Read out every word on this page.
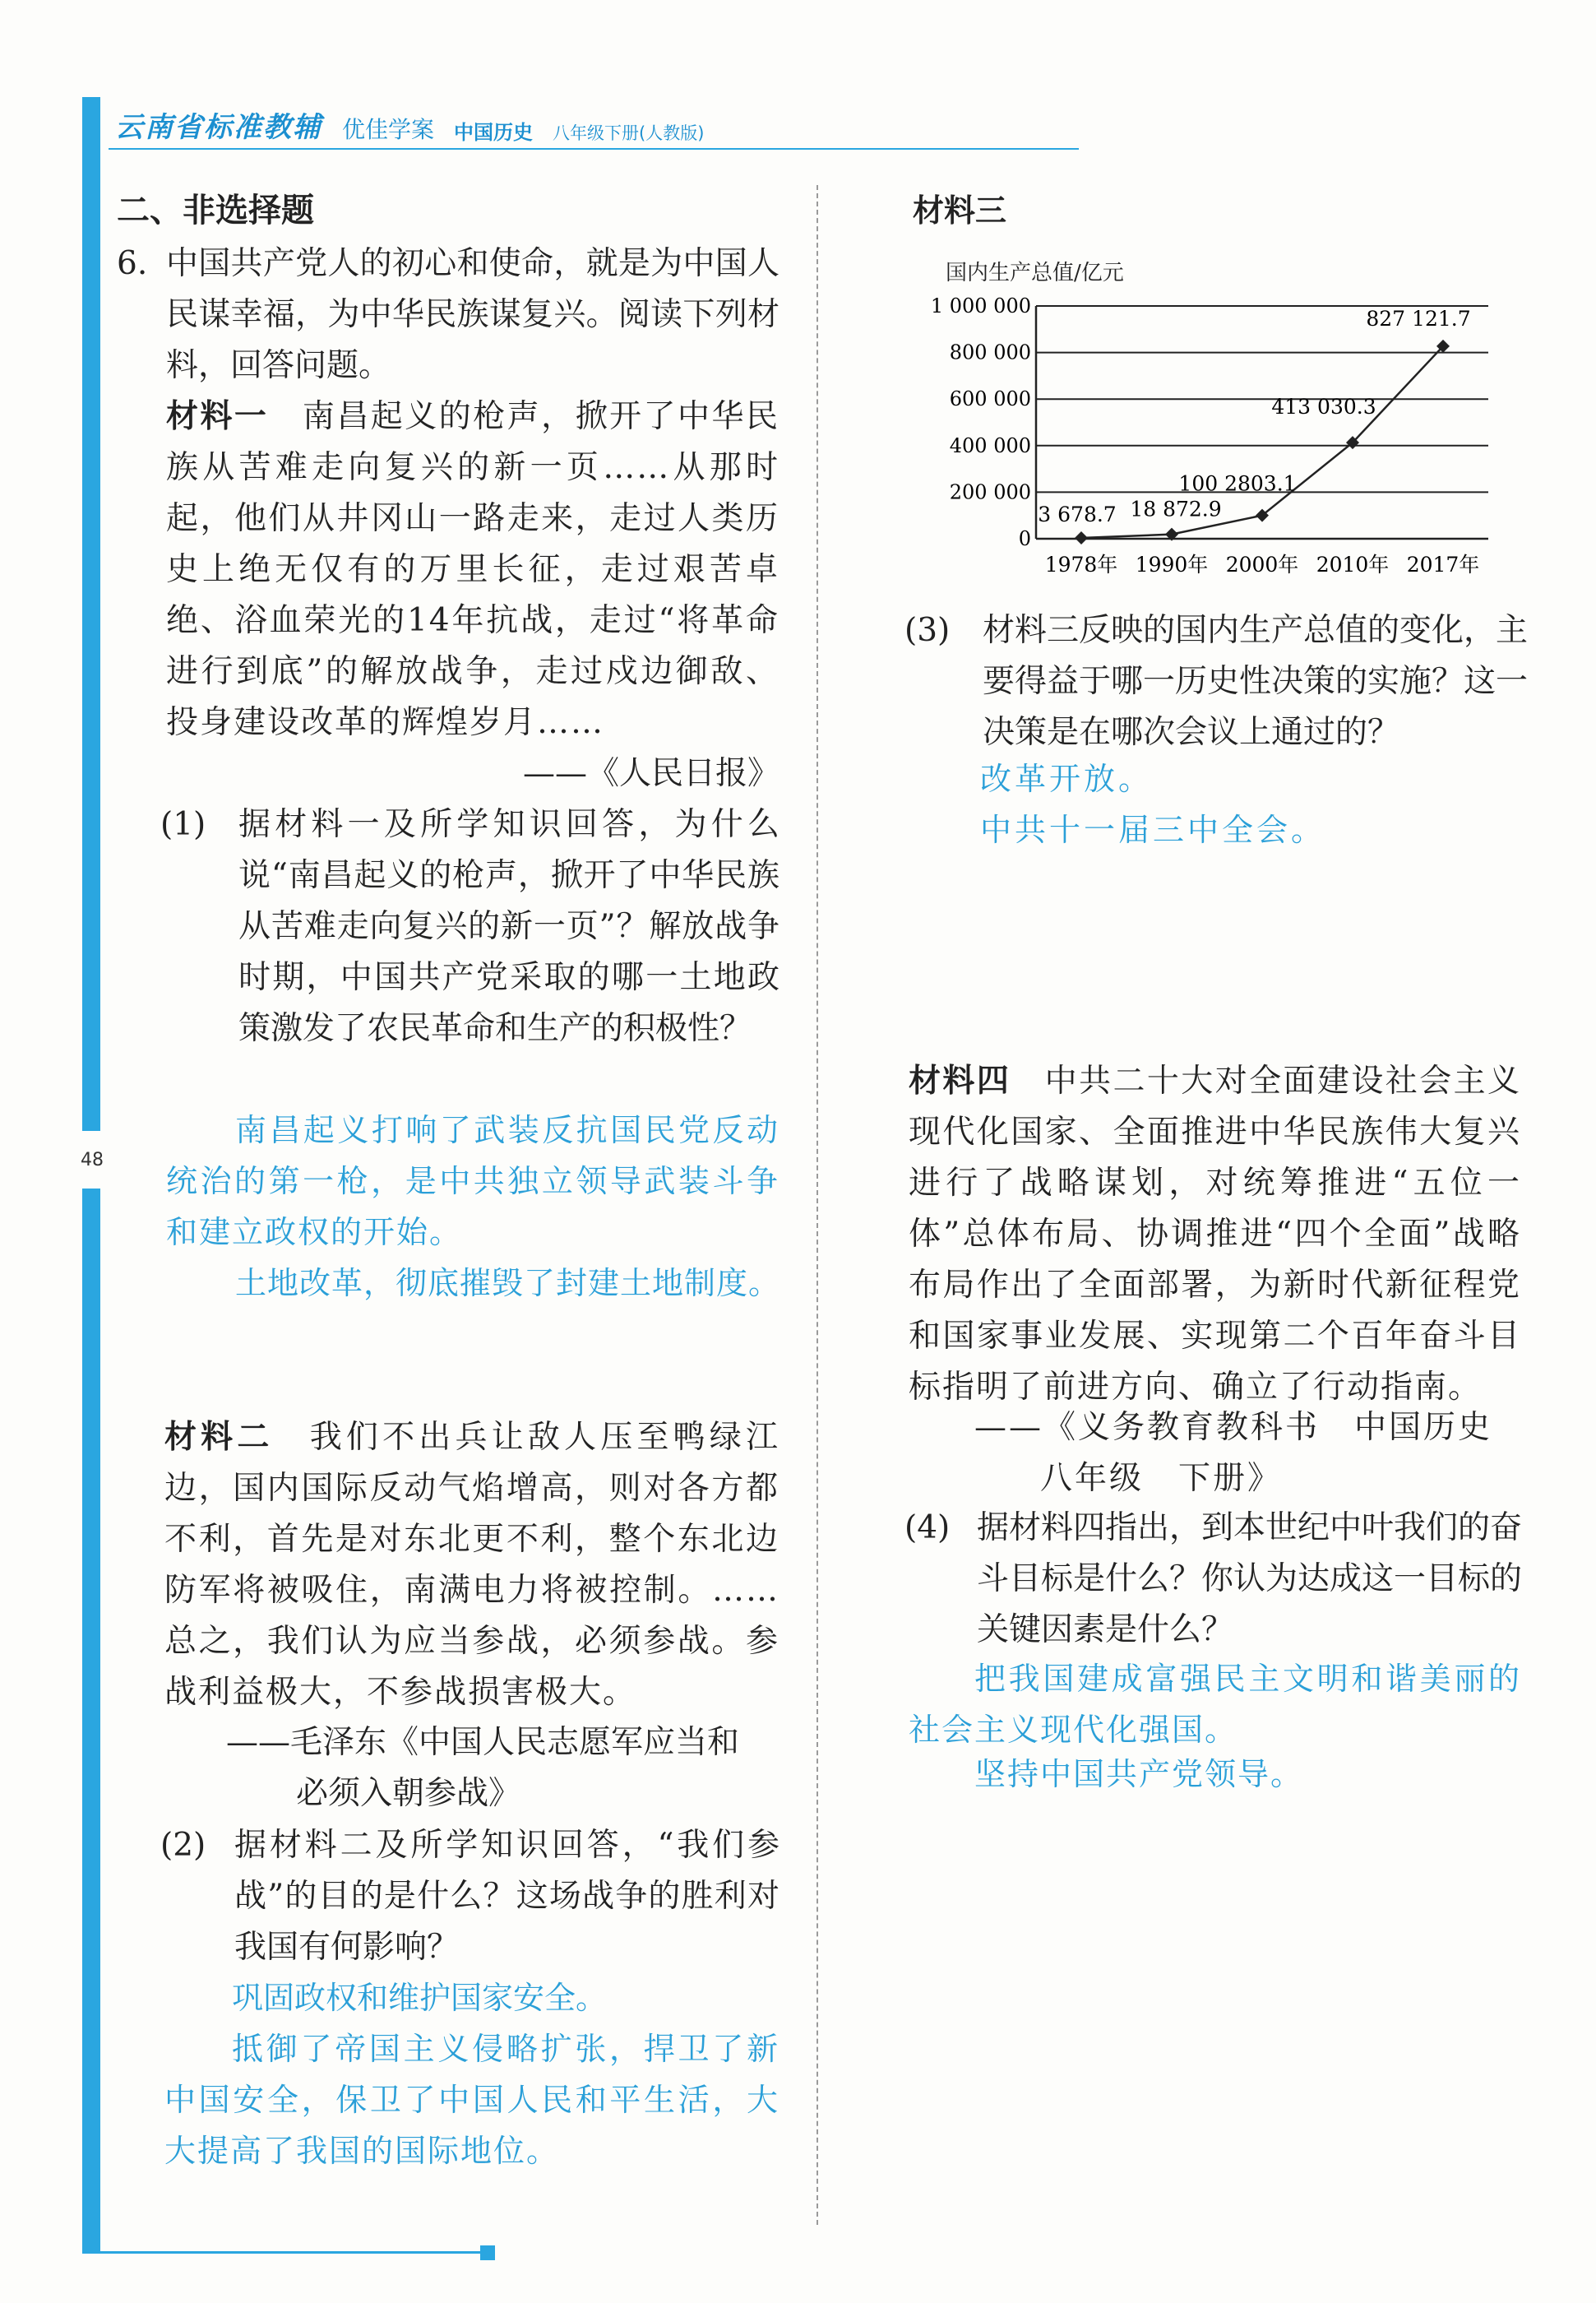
48
云南省标准教辅 优佳学案 中国历史 八年级下册(人教版)
二、非选择题
6. 中国共产党人的初心和使命，就是为中国人民谋幸福，为中华民族谋复兴。阅读下列材料，回答问题。
材料一　 南昌起义的枪声，掀开了中华民族从苦难走向复兴的新一页……从那时起，他们从井冈山一路走来，走过人类历史上绝无仅有的万里长征，走过艰苦卓绝、浴血荣光的14年抗战，走过“将革命进行到底”的解放战争，走过戍边御敌、投身建设改革的辉煌岁月……
——《人民日报》
(1)	据材料一及所学知识回答，为什么说“南昌起义的枪声，掀开了中华民族从苦难走向复兴的新一页”？解放战争时期，中国共产党采取的哪一土地政策激发了农民革命和生产的积极性？
南昌起义打响了武装反抗国民党反动统治的第一枪，是中共独立领导武装斗争和建立政权的开始。
土地改革，彻底摧毁了封建土地制度。
材料二　 我们不出兵让敌人压至鸭绿江边，国内国际反动气焰增高，则对各方都不利，首先是对东北更不利，整个东北边防军将被吸住，南满电力将被控制。……总之，我们认为应当参战，必须参战。参战利益极大，不参战损害极大。
——毛泽东《中国人民志愿军应当和
必须入朝参战》
(2) 据材料二及所学知识回答，“我们参战”的目的是什么？这场战争的胜利对我国有何影响？
巩固政权和维护国家安全。
抵御了帝国主义侵略扩张，捍卫了新中国安全，保卫了中国人民和平生活，大大提高了我国的国际地位。
材料三
国内生产总值/亿元
0
200 000
400 000
600 000
800 000
1 000 000
1978年 1990年 2000年 2010年 2017年
3 678.7 18 872.9
100 2803.1
413 030.3
827 121.7
(3)	材料三反映的国内生产总值的变化，主要得益于哪一历史性决策的实施？这一决策是在哪次会议上通过的？
改革开放。
中共十一届三中全会。
材料四　 中共二十大对全面建设社会主义现代化国家、全面推进中华民族伟大复兴进行了战略谋划，对统筹推进“五位一体”总体布局、协调推进“四个全面”战略布局作出了全面部署，为新时代新征程党和国家事业发展、实现第二个百年奋斗目标指明了前进方向、确立了行动指南。
——《义务教育教科书　中国历史
八年级　下册》
(4) 据材料四指出，到本世纪中叶我们的奋斗目标是什么？你认为达成这一目标的关键因素是什么？
把我国建成富强民主文明和谐美丽的社会主义现代化强国。
坚持中国共产党领导。
